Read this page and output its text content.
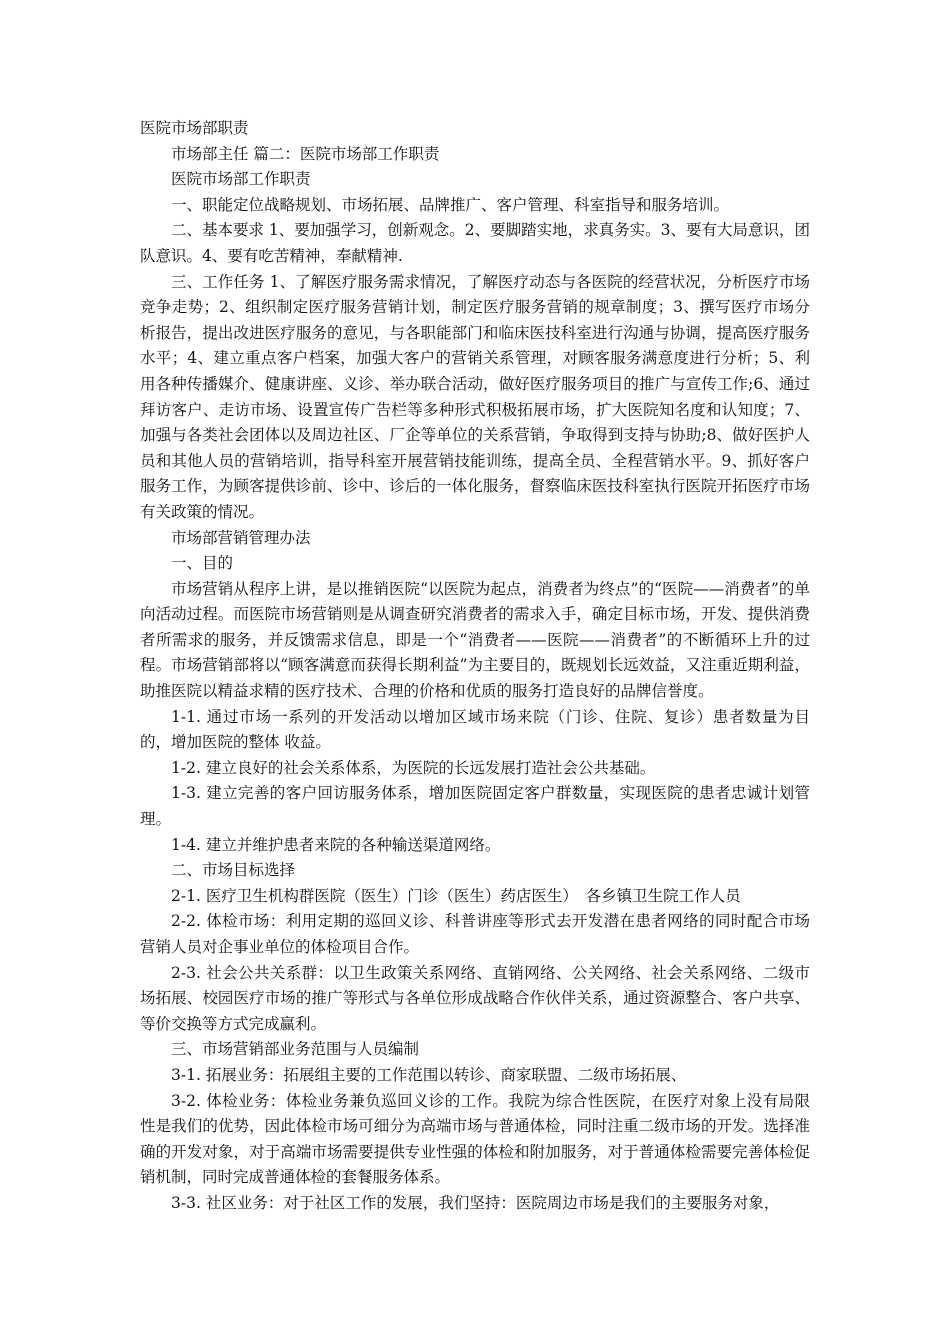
医院市场部职责

市场部主任 篇二：医院市场部工作职责

医院市场部工作职责

一、职能定位战略规划、市场拓展、品牌推广、客户管理、科室指导和服务培训。

二、基本要求 1、要加强学习，创新观念。2、要脚踏实地，求真务实。3、要有大局意识，团队意识。4、要有吃苦精神，奉献精神.

三、工作任务 1、了解医疗服务需求情况，了解医疗动态与各医院的经营状况，分析医疗市场竞争走势；2、组织制定医疗服务营销计划，制定医疗服务营销的规章制度；3、撰写医疗市场分析报告，提出改进医疗服务的意见，与各职能部门和临床医技科室进行沟通与协调，提高医疗服务水平；4、建立重点客户档案，加强大客户的营销关系管理，对顾客服务满意度进行分析；5、利用各种传播媒介、健康讲座、义诊、举办联合活动，做好医疗服务项目的推广与宣传工作;6、通过拜访客户、走访市场、设置宣传广告栏等多种形式积极拓展市场，扩大医院知名度和认知度；7、加强与各类社会团体以及周边社区、厂企等单位的关系营销，争取得到支持与协助;8、做好医护人员和其他人员的营销培训，指导科室开展营销技能训练，提高全员、全程营销水平。9、抓好客户服务工作，为顾客提供诊前、诊中、诊后的一体化服务，督察临床医技科室执行医院开拓医疗市场有关政策的情况。

市场部营销管理办法

一、目的

市场营销从程序上讲，是以推销医院“以医院为起点，消费者为终点”的“医院——消费者”的单向活动过程。而医院市场营销则是从调查研究消费者的需求入手，确定目标市场，开发、提供消费者所需求的服务，并反馈需求信息，即是一个“消费者——医院——消费者”的不断循环上升的过程。市场营销部将以“顾客满意而获得长期利益”为主要目的，既规划长远效益，又注重近期利益，助推医院以精益求精的医疗技术、合理的价格和优质的服务打造良好的品牌信誉度。

1-1. 通过市场一系列的开发活动以增加区域市场来院（门诊、住院、复诊）患者数量为目的，增加医院的整体 收益。

1-2. 建立良好的社会关系体系，为医院的长远发展打造社会公共基础。

1-3. 建立完善的客户回访服务体系，增加医院固定客户群数量，实现医院的患者忠诚计划管理。

1-4. 建立并维护患者来院的各种输送渠道网络。

二、市场目标选择

2-1. 医疗卫生机构群医院（医生）门诊（医生）药店医生）　各乡镇卫生院工作人员

2-2. 体检市场：利用定期的巡回义诊、科普讲座等形式去开发潜在患者网络的同时配合市场营销人员对企事业单位的体检项目合作。

2-3. 社会公共关系群：以卫生政策关系网络、直销网络、公关网络、社会关系网络、二级市场拓展、校园医疗市场的推广等形式与各单位形成战略合作伙伴关系，通过资源整合、客户共享、等价交换等方式完成赢利。

三、市场营销部业务范围与人员编制

3-1. 拓展业务：拓展组主要的工作范围以转诊、商家联盟、二级市场拓展、

3-2. 体检业务：体检业务兼负巡回义诊的工作。我院为综合性医院，在医疗对象上没有局限性是我们的优势，因此体检市场可细分为高端市场与普通体检，同时注重二级市场的开发。选择准确的开发对象，对于高端市场需要提供专业性强的体检和附加服务，对于普通体检需要完善体检促销机制，同时完成普通体检的套餐服务体系。

3-3. 社区业务：对于社区工作的发展，我们坚持：医院周边市场是我们的主要服务对象，
